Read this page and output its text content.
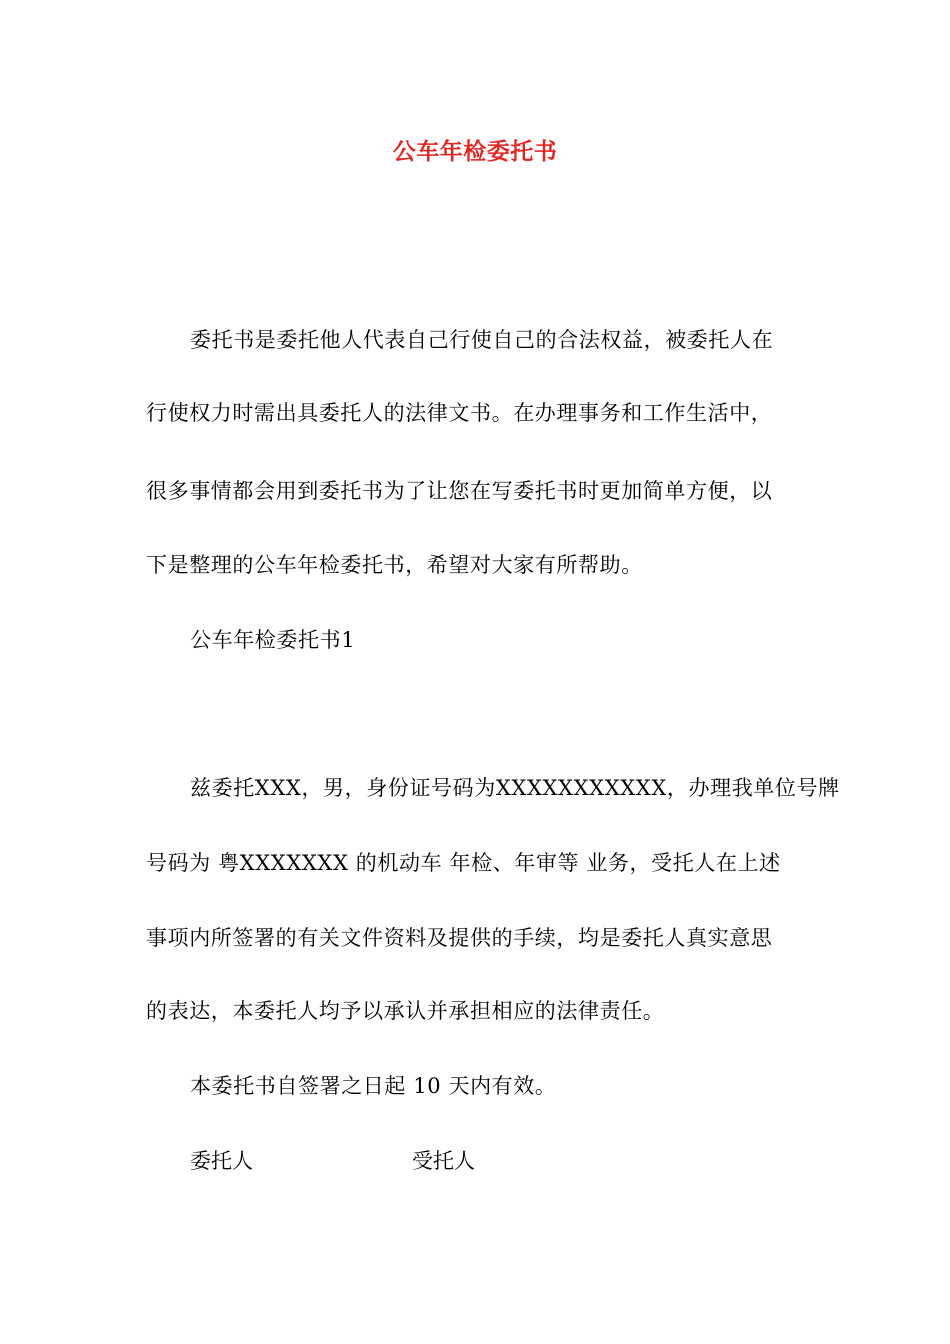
公车年检委托书
委托书是委托他人代表自己行使自己的合法权益，被委托人在
行使权力时需出具委托人的法律文书。在办理事务和工作生活中，
很多事情都会用到委托书为了让您在写委托书时更加简单方便，以
下是整理的公车年检委托书，希望对大家有所帮助。
公车年检委托书1
兹委托XXX，男，身份证号码为XXXXXXXXXXX，办理我单位号牌
号码为 粤XXXXXXX 的机动车 年检、年审等 业务，受托人在上述
事项内所签署的有关文件资料及提供的手续，均是委托人真实意思
的表达，本委托人均予以承认并承担相应的法律责任。
本委托书自签署之日起 10 天内有效。
委托人	受托人
